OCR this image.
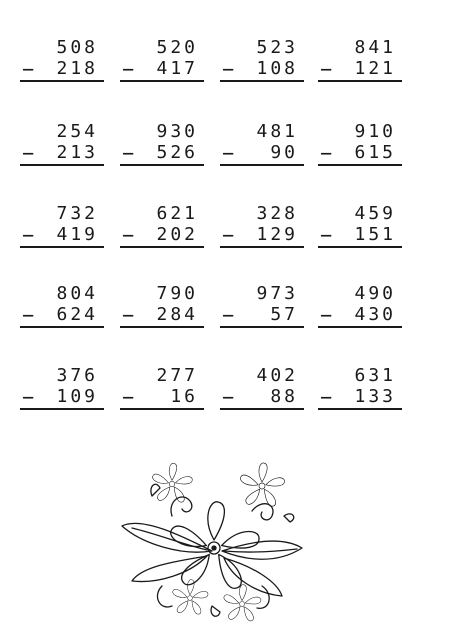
508
− 218
520
− 417
523
− 108
841
− 121
254
− 213
930
− 526
481
− 90
910
− 615
732
− 419
621
− 202
328
− 129
459
− 151
804
− 624
790
− 284
973
− 57
490
− 430
376
− 109
277
− 16
402
− 88
631
− 133
